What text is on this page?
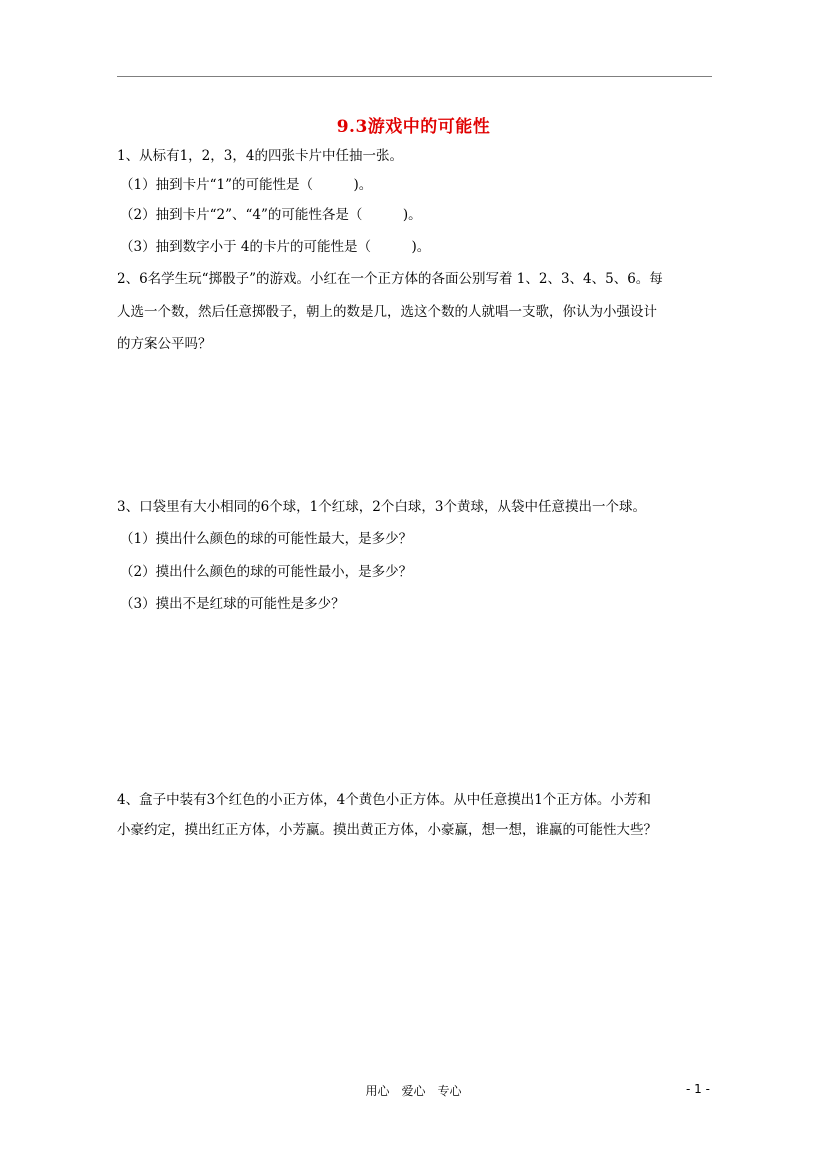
9.3游戏中的可能性
1、从标有1，2，3，4的四张卡片中任抽一张。
（1）抽到卡片“1”的可能性是（　　　)。
（2）抽到卡片“2”、“4”的可能性各是（　　　)。
（3）抽到数字小于 4的卡片的可能性是（　　　)。
2、6名学生玩“掷骰子”的游戏。小红在一个正方体的各面公别写着 1、2、3、4、5、6。每
人选一个数，然后任意掷骰子，朝上的数是几，选这个数的人就唱一支歌，你认为小强设计
的方案公平吗？
3、口袋里有大小相同的6个球，1个红球，2个白球，3个黄球，从袋中任意摸出一个球。
（1）摸出什么颜色的球的可能性最大，是多少？
（2）摸出什么颜色的球的可能性最小，是多少？
（3）摸出不是红球的可能性是多少？
4、盒子中装有3个红色的小正方体，4个黄色小正方体。从中任意摸出1个正方体。小芳和
小豪约定，摸出红正方体，小芳赢。摸出黄正方体，小豪赢，想一想，谁赢的可能性大些？
用心　爱心　专心	- 1 -
